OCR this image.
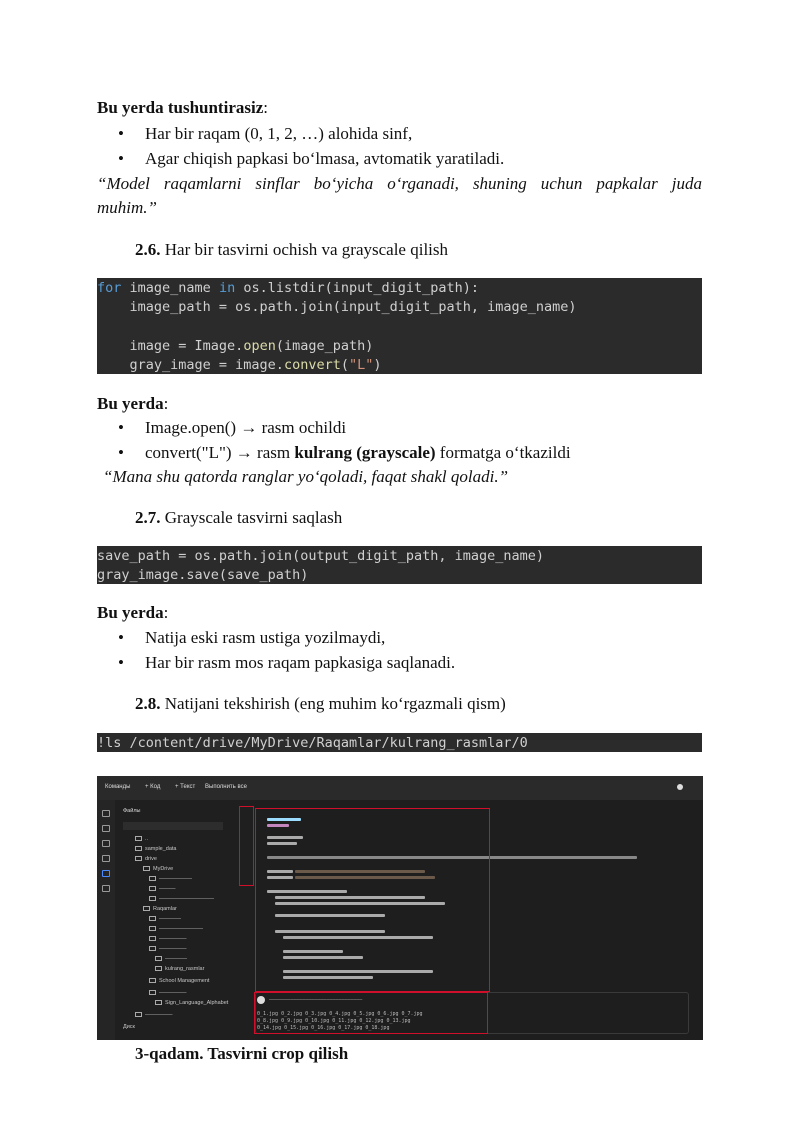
Bu yerda tushuntirasiz:
• Har bir raqam (0, 1, 2, …) alohida sinf,
• Agar chiqish papkasi bo‘lmasa, avtomatik yaratiladi.
“Model raqamlarni sinflar bo‘yicha o‘rganadi, shuning uchun papkalar juda
muhim.”
2.6. Har bir tasvirni ochish va grayscale qilish
for image_name in os.listdir(input_digit_path):
image_path = os.path.join(input_digit_path, image_name)

image = Image.open(image_path)
gray_image = image.convert("L")
Bu yerda:
• Image.open() → rasm ochildi
• convert("L") → rasm kulrang (grayscale) formatga o‘tkazildi
“Mana shu qatorda ranglar yo‘qoladi, faqat shakl qoladi.”
2.7. Grayscale tasvirni saqlash
save_path = os.path.join(output_digit_path, image_name)
gray_image.save(save_path)
Bu yerda:
• Natija eski rasm ustiga yozilmaydi,
• Har bir rasm mos raqam papkasiga saqlanadi.
2.8. Natijani tekshirish (eng muhim ko‘rgazmali qism)
!ls /content/drive/MyDrive/Raqamlar/kulrang_rasmlar/0
Команды + Код + Текст Выполнить все
Файлы
..
sample_data
drive
MyDrive
——————
———
——————————
Raqamlar
————
————————
—————
—————
————
kulrang_rasmlar
School Management
—————
Sign_Language_Alphabet
—————
Диск
———————————————————————————————
0_1.jpg 0_2.jpg 0_3.jpg 0_4.jpg 0_5.jpg 0_6.jpg 0_7.jpg
0_8.jpg 0_9.jpg 0_10.jpg 0_11.jpg 0_12.jpg 0_13.jpg
0_14.jpg 0_15.jpg 0_16.jpg 0_17.jpg 0_18.jpg
3-qadam. Tasvirni crop qilish
